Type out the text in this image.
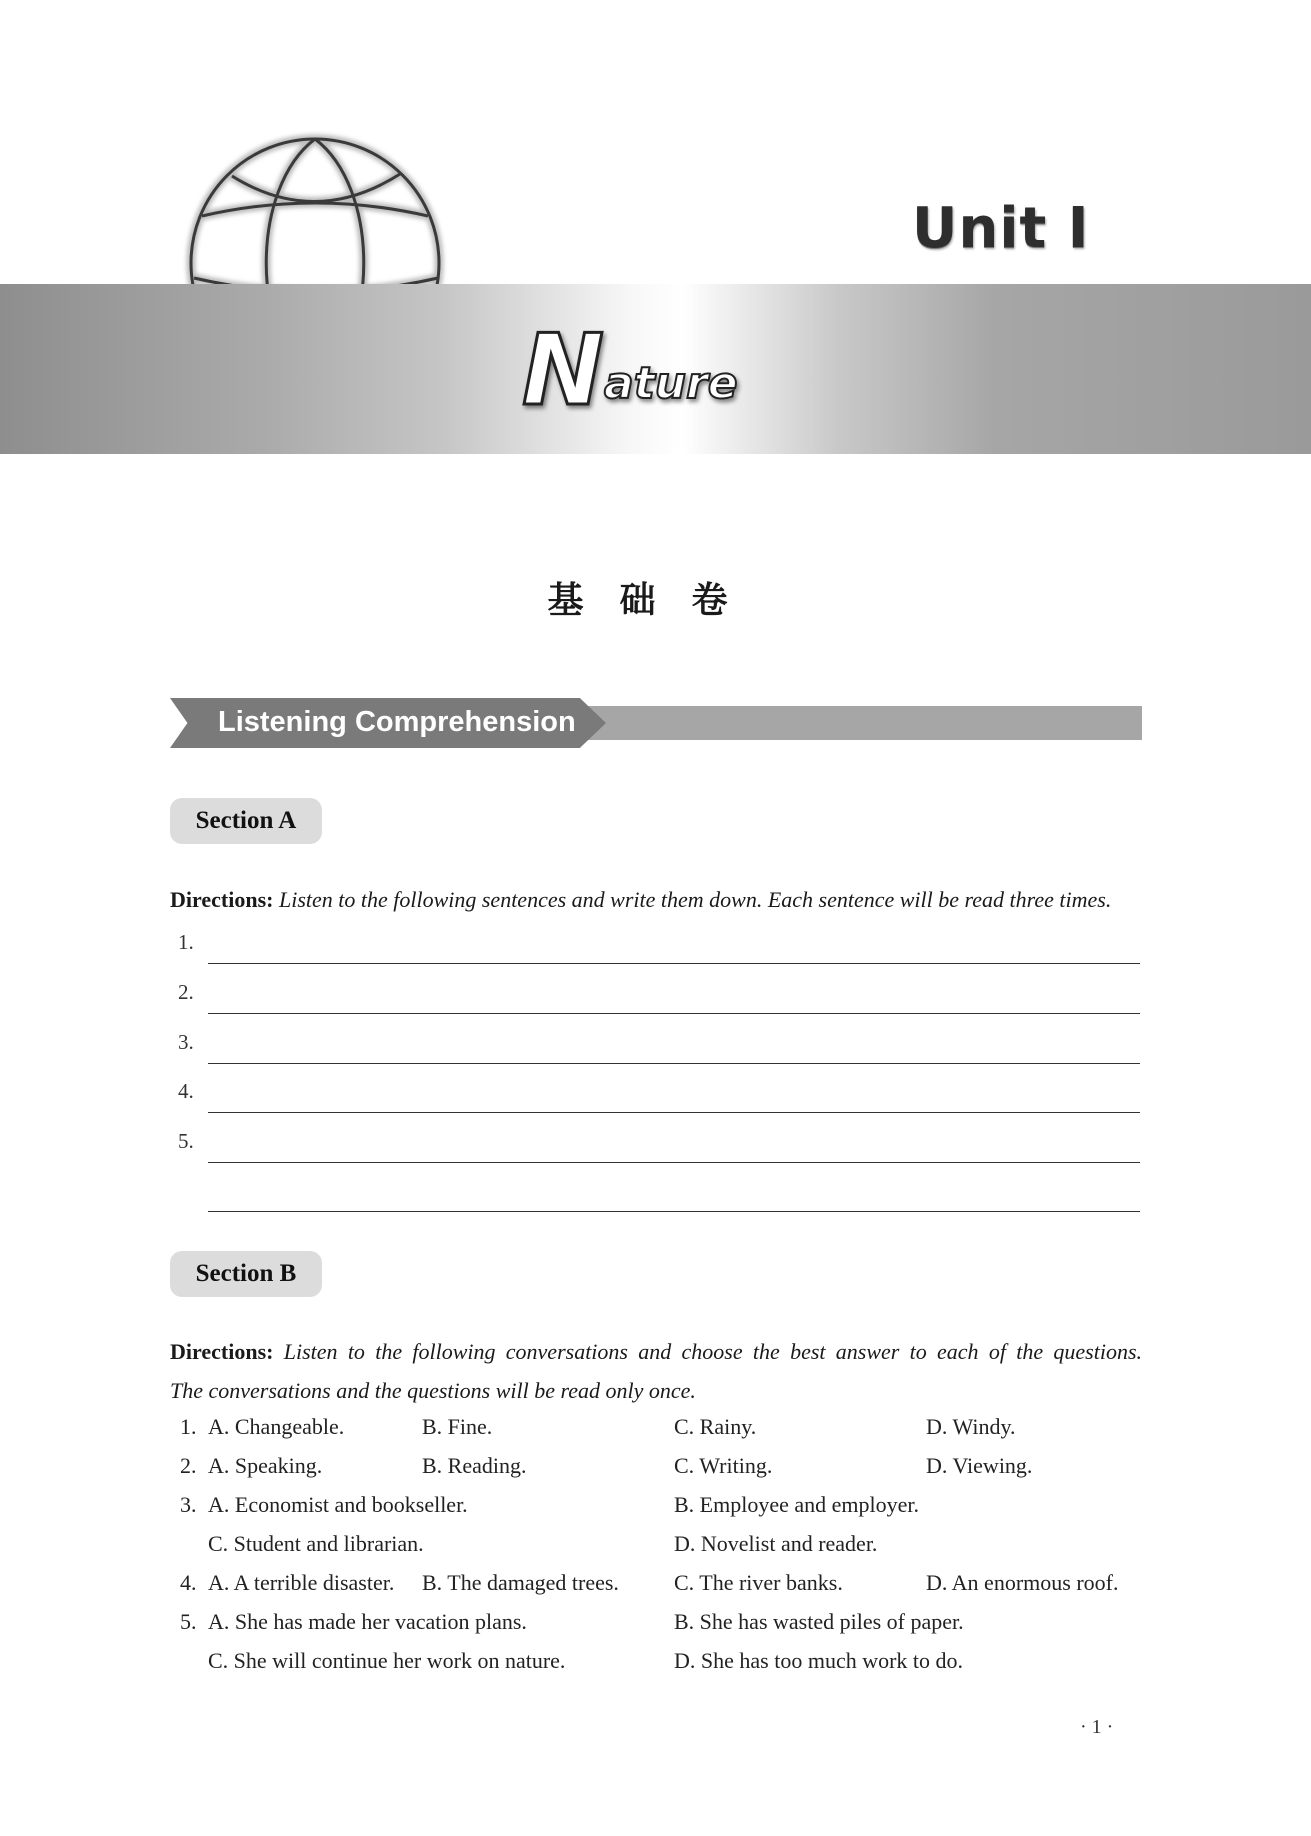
Unit I
N ature
基础卷
Listening Comprehension
Section A
Directions: Listen to the following sentences and write them down. Each sentence will be read three times.
1.
2.
3.
4.
5.
Section B
Directions: Listen to the following conversations and choose the best answer to each of the questions.
The conversations and the questions will be read only once.
1. A. Changeable.	B. Fine.	C. Rainy.	D. Windy.
2. A. Speaking.	B. Reading.	C. Writing.	D. Viewing.
3. A. Economist and bookseller.	B. Employee and employer.
C. Student and librarian.	D. Novelist and reader.
4. A. A terrible disaster. B. The damaged trees.	C. The river banks.	D. An enormous roof.
5. A. She has made her vacation plans.	B. She has wasted piles of paper.
C. She will continue her work on nature.	D. She has too much work to do.
· 1 ·
